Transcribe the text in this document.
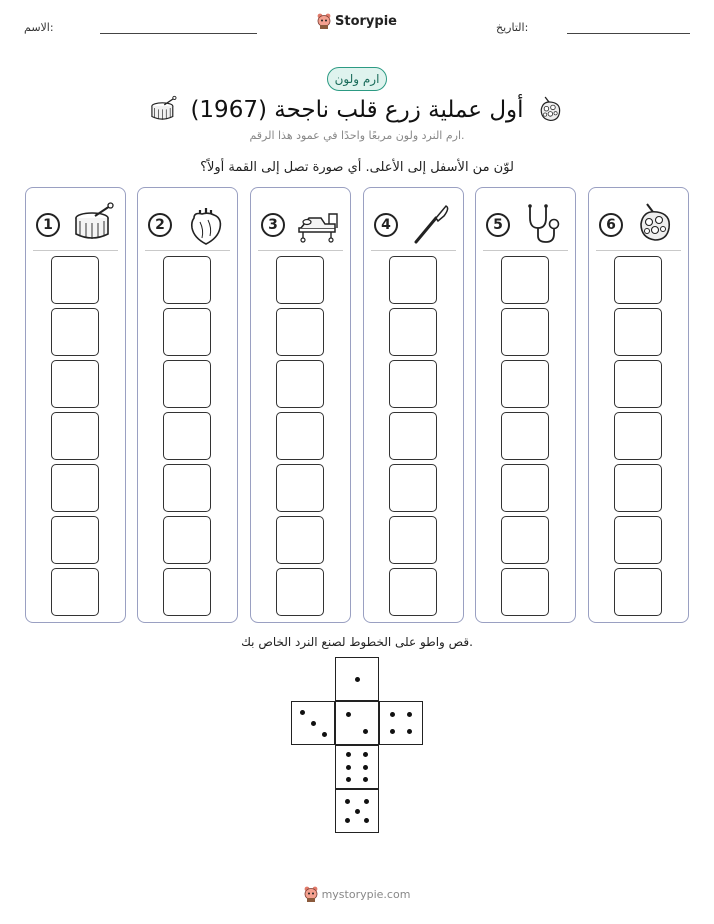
التاريخ:
الاسم:	Storypie
ارم ولون
أول عملية زرع قلب ناجحة (1967)
ارم النرد ولون مربعًا واحدًا في عمود هذا الرقم.
لوّن من الأسفل إلى الأعلى. أي صورة تصل إلى القمة أولاً؟
1	2	3	4	5	6
قص واطو على الخطوط لصنع النرد الخاص بك.
mystorypie.com
